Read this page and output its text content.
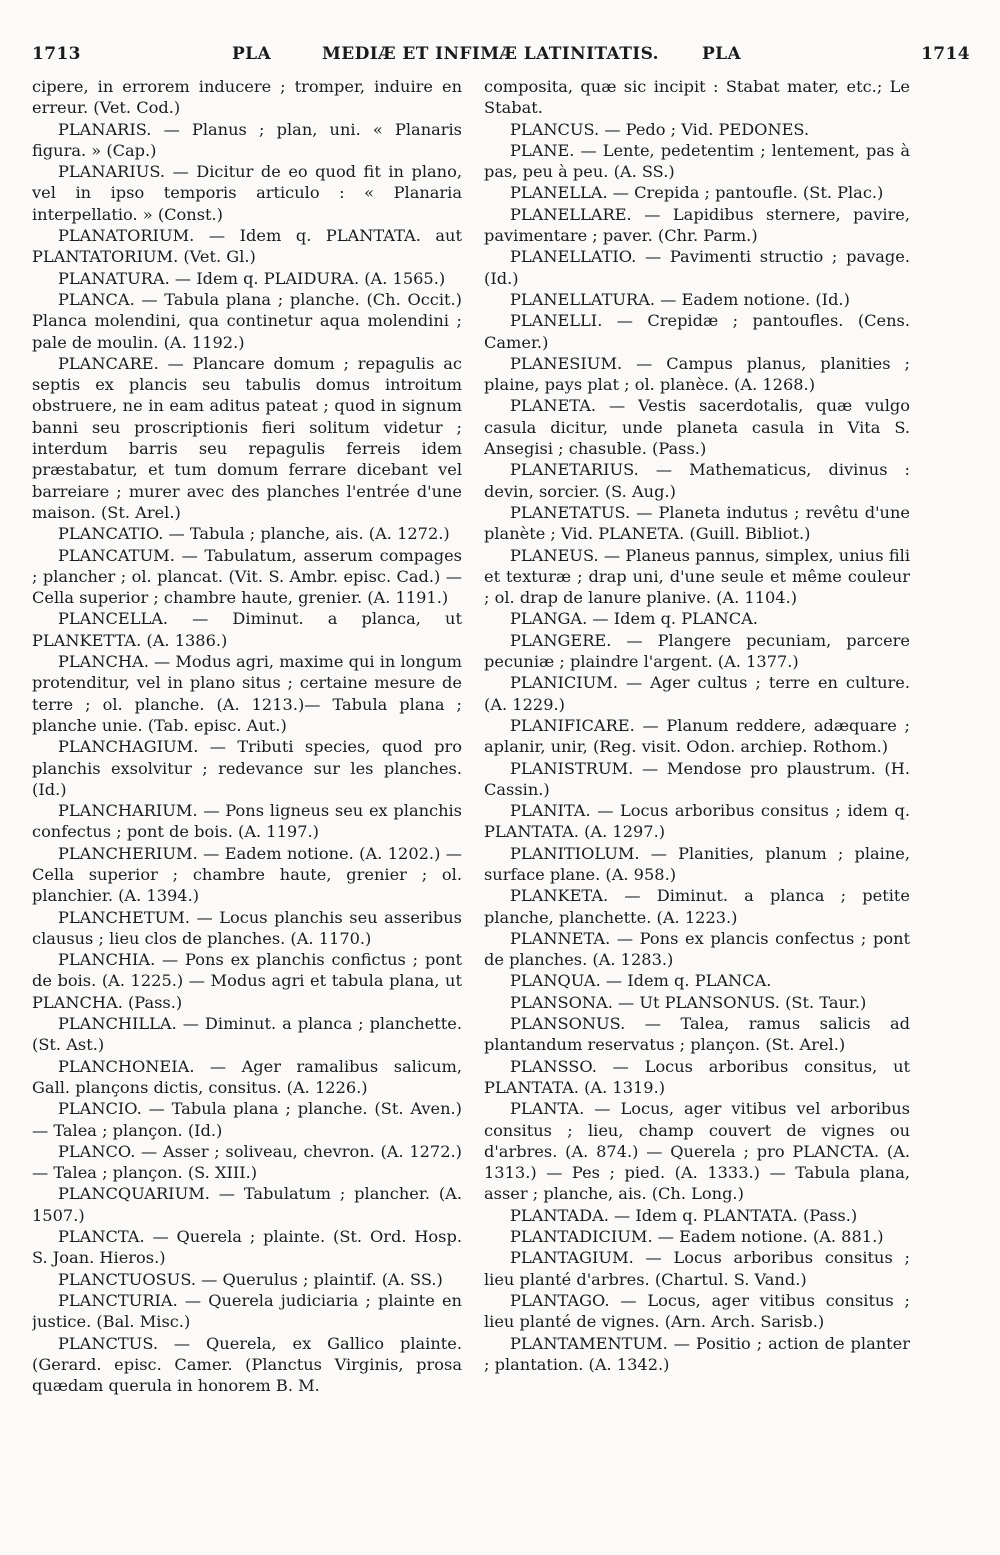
1713	PLA	MEDIÆ ET INFIMÆ LATINITATIS.	PLA	1714

cipere, in errorem inducere ; tromper, induire en erreur. (Vet. Cod.)

PLANARIS. — Planus ; plan, uni. « Planaris figura. » (Cap.)

PLANARIUS. — Dicitur de eo quod fit in plano, vel in ipso temporis articulo : « Planaria interpellatio. » (Const.)

PLANATORIUM. — Idem q. PLANTATA. aut PLANTATORIUM. (Vet. Gl.)

PLANATURA. — Idem q. PLAIDURA. (A. 1565.)

PLANCA. — Tabula plana ; planche. (Ch. Occit.) Planca molendini, qua continetur aqua molendini ; pale de moulin. (A. 1192.)

PLANCARE. — Plancare domum ; repagulis ac septis ex plancis seu tabulis domus introitum obstruere, ne in eam aditus pateat ; quod in signum banni seu proscriptionis fieri solitum videtur ; interdum barris seu repagulis ferreis idem præstabatur, et tum domum ferrare dicebant vel barreiare ; murer avec des planches l'entrée d'une maison. (St. Arel.)

PLANCATIO. — Tabula ; planche, ais. (A. 1272.)

PLANCATUM. — Tabulatum, asserum compages ; plancher ; ol. plancat. (Vit. S. Ambr. episc. Cad.) — Cella superior ; chambre haute, grenier. (A. 1191.)

PLANCELLA. — Diminut. a planca, ut PLANKETTA. (A. 1386.)

PLANCHA. — Modus agri, maxime qui in longum protenditur, vel in plano situs ; certaine mesure de terre ; ol. planche. (A. 1213.)— Tabula plana ; planche unie. (Tab. episc. Aut.)

PLANCHAGIUM. — Tributi species, quod pro planchis exsolvitur ; redevance sur les planches. (Id.)

PLANCHARIUM. — Pons ligneus seu ex planchis confectus ; pont de bois. (A. 1197.)

PLANCHERIUM. — Eadem notione. (A. 1202.) — Cella superior ; chambre haute, grenier ; ol. planchier. (A. 1394.)

PLANCHETUM. — Locus planchis seu asseribus clausus ; lieu clos de planches. (A. 1170.)

PLANCHIA. — Pons ex planchis confictus ; pont de bois. (A. 1225.) — Modus agri et tabula plana, ut PLANCHA. (Pass.)

PLANCHILLA. — Diminut. a planca ; planchette. (St. Ast.)

PLANCHONEIA. — Ager ramalibus salicum, Gall. plançons dictis, consitus. (A. 1226.)

PLANCIO. — Tabula plana ; planche. (St. Aven.) — Talea ; plançon. (Id.)

PLANCO. — Asser ; soliveau, chevron. (A. 1272.) — Talea ; plançon. (S. XIII.)

PLANCQUARIUM. — Tabulatum ; plancher. (A. 1507.)

PLANCTA. — Querela ; plainte. (St. Ord. Hosp. S. Joan. Hieros.)

PLANCTUOSUS. — Querulus ; plaintif. (A. SS.)

PLANCTURIA. — Querela judiciaria ; plainte en justice. (Bal. Misc.)

PLANCTUS. — Querela, ex Gallico plainte. (Gerard. episc. Camer. (Planctus Virginis, prosa quædam querula in honorem B. M.

composita, quæ sic incipit : Stabat mater, etc.; Le Stabat.

PLANCUS. — Pedo ; Vid. PEDONES.

PLANE. — Lente, pedetentim ; lentement, pas à pas, peu à peu. (A. SS.)

PLANELLA. — Crepida ; pantoufle. (St. Plac.)

PLANELLARE. — Lapidibus sternere, pavire, pavimentare ; paver. (Chr. Parm.)

PLANELLATIO. — Pavimenti structio ; pavage. (Id.)

PLANELLATURA. — Eadem notione. (Id.)

PLANELLI. — Crepidæ ; pantoufles. (Cens. Camer.)

PLANESIUM. — Campus planus, planities ; plaine, pays plat ; ol. planèce. (A. 1268.)

PLANETA. — Vestis sacerdotalis, quæ vulgo casula dicitur, unde planeta casula in Vita S. Ansegisi ; chasuble. (Pass.)

PLANETARIUS. — Mathematicus, divinus : devin, sorcier. (S. Aug.)

PLANETATUS. — Planeta indutus ; revêtu d'une planète ; Vid. PLANETA. (Guill. Bibliot.)

PLANEUS. — Planeus pannus, simplex, unius fili et texturæ ; drap uni, d'une seule et même couleur ; ol. drap de lanure planive. (A. 1104.)

PLANGA. — Idem q. PLANCA.

PLANGERE. — Plangere pecuniam, parcere pecuniæ ; plaindre l'argent. (A. 1377.)

PLANICIUM. — Ager cultus ; terre en culture. (A. 1229.)

PLANIFICARE. — Planum reddere, adæquare ; aplanir, unir, (Reg. visit. Odon. archiep. Rothom.)

PLANISTRUM. — Mendose pro plaustrum. (H. Cassin.)

PLANITA. — Locus arboribus consitus ; idem q. PLANTATA. (A. 1297.)

PLANITIOLUM. — Planities, planum ; plaine, surface plane. (A. 958.)

PLANKETA. — Diminut. a planca ; petite planche, planchette. (A. 1223.)

PLANNETA. — Pons ex plancis confectus ; pont de planches. (A. 1283.)

PLANQUA. — Idem q. PLANCA.

PLANSONA. — Ut PLANSONUS. (St. Taur.)

PLANSONUS. — Talea, ramus salicis ad plantandum reservatus ; plançon. (St. Arel.)

PLANSSO. — Locus arboribus consitus, ut PLANTATA. (A. 1319.)

PLANTA. — Locus, ager vitibus vel arboribus consitus ; lieu, champ couvert de vignes ou d'arbres. (A. 874.) — Querela ; pro PLANCTA. (A. 1313.) — Pes ; pied. (A. 1333.) — Tabula plana, asser ; planche, ais. (Ch. Long.)

PLANTADA. — Idem q. PLANTATA. (Pass.)

PLANTADICIUM. — Eadem notione. (A. 881.)

PLANTAGIUM. — Locus arboribus consitus ; lieu planté d'arbres. (Chartul. S. Vand.)

PLANTAGO. — Locus, ager vitibus consitus ; lieu planté de vignes. (Arn. Arch. Sarisb.)

PLANTAMENTUM. — Positio ; action de planter ; plantation. (A. 1342.)
